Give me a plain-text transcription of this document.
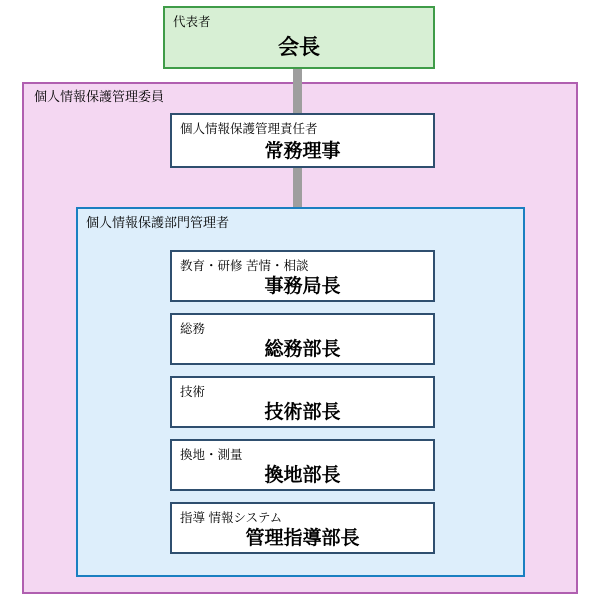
個人情報保護管理委員
代表者
会長
個人情報保護管理責任者
常務理事
個人情報保護部門管理者
教育・研修 苦情・相談
事務局長
総務
総務部長
技術
技術部長
換地・測量
換地部長
指導 情報システム
管理指導部長
